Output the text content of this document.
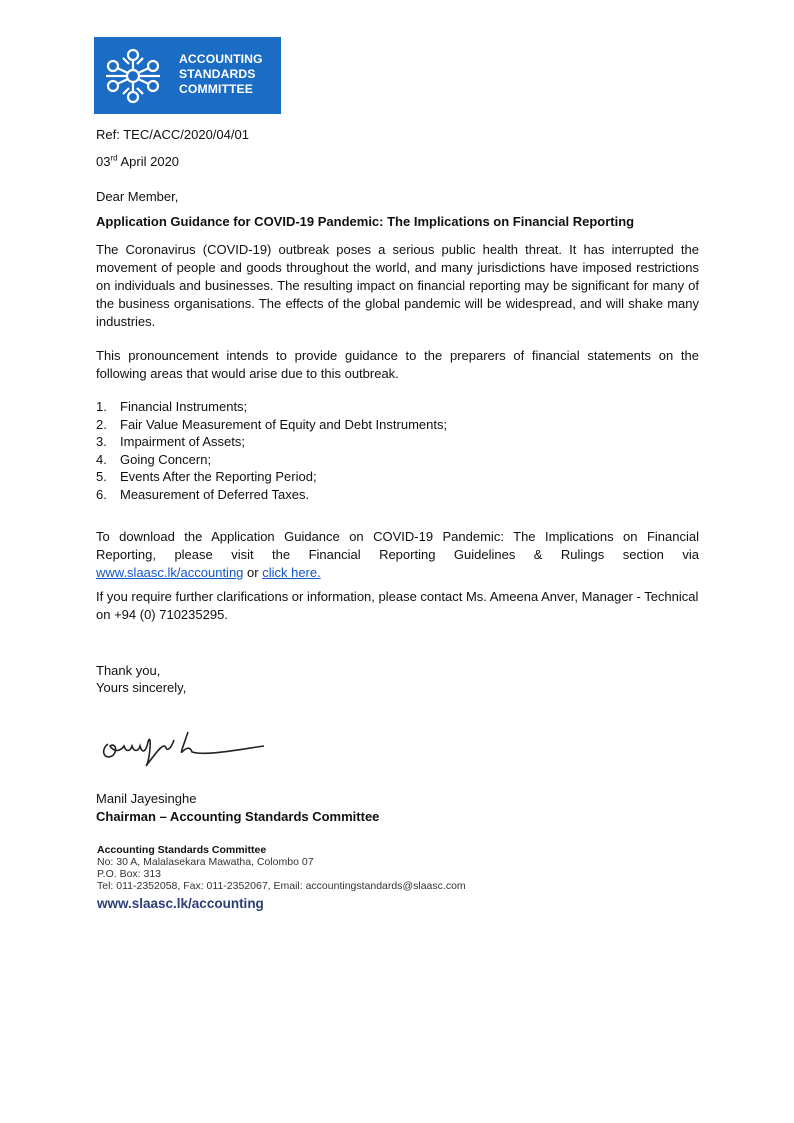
ACCOUNTING
STANDARDS
COMMITTEE

Ref: TEC/ACC/2020/04/01

03rd April 2020

Dear Member,

Application Guidance for COVID-19 Pandemic: The Implications on Financial Reporting

The Coronavirus (COVID-19) outbreak poses a serious public health threat. It has interrupted the movement of people and goods throughout the world, and many jurisdictions have imposed restrictions on individuals and businesses. The resulting impact on financial reporting may be significant for many of the business organisations. The effects of the global pandemic will be widespread, and will shake many industries.

This pronouncement intends to provide guidance to the preparers of financial statements on the following areas that would arise due to this outbreak.

1.	Financial Instruments;
2.	Fair Value Measurement of Equity and Debt Instruments;
3.	Impairment of Assets;
4.	Going Concern;
5.	Events After the Reporting Period;
6.	Measurement of Deferred Taxes.
To download the Application Guidance on COVID-19 Pandemic: The Implications on Financial
Reporting, please visit the Financial Reporting Guidelines & Rulings section via
www.slaasc.lk/accounting or click here.

If you require further clarifications or information, please contact Ms. Ameena Anver, Manager - Technical on +94 (0) 710235295.

Thank you,

Yours sincerely,

Manil Jayesinghe

Chairman – Accounting Standards Committee

Accounting Standards Committee
No: 30 A, Malalasekara Mawatha, Colombo 07
P.O. Box: 313
Tel: 011-2352058, Fax: 011-2352067, Email: accountingstandards@slaasc.com
www.slaasc.lk/accounting
